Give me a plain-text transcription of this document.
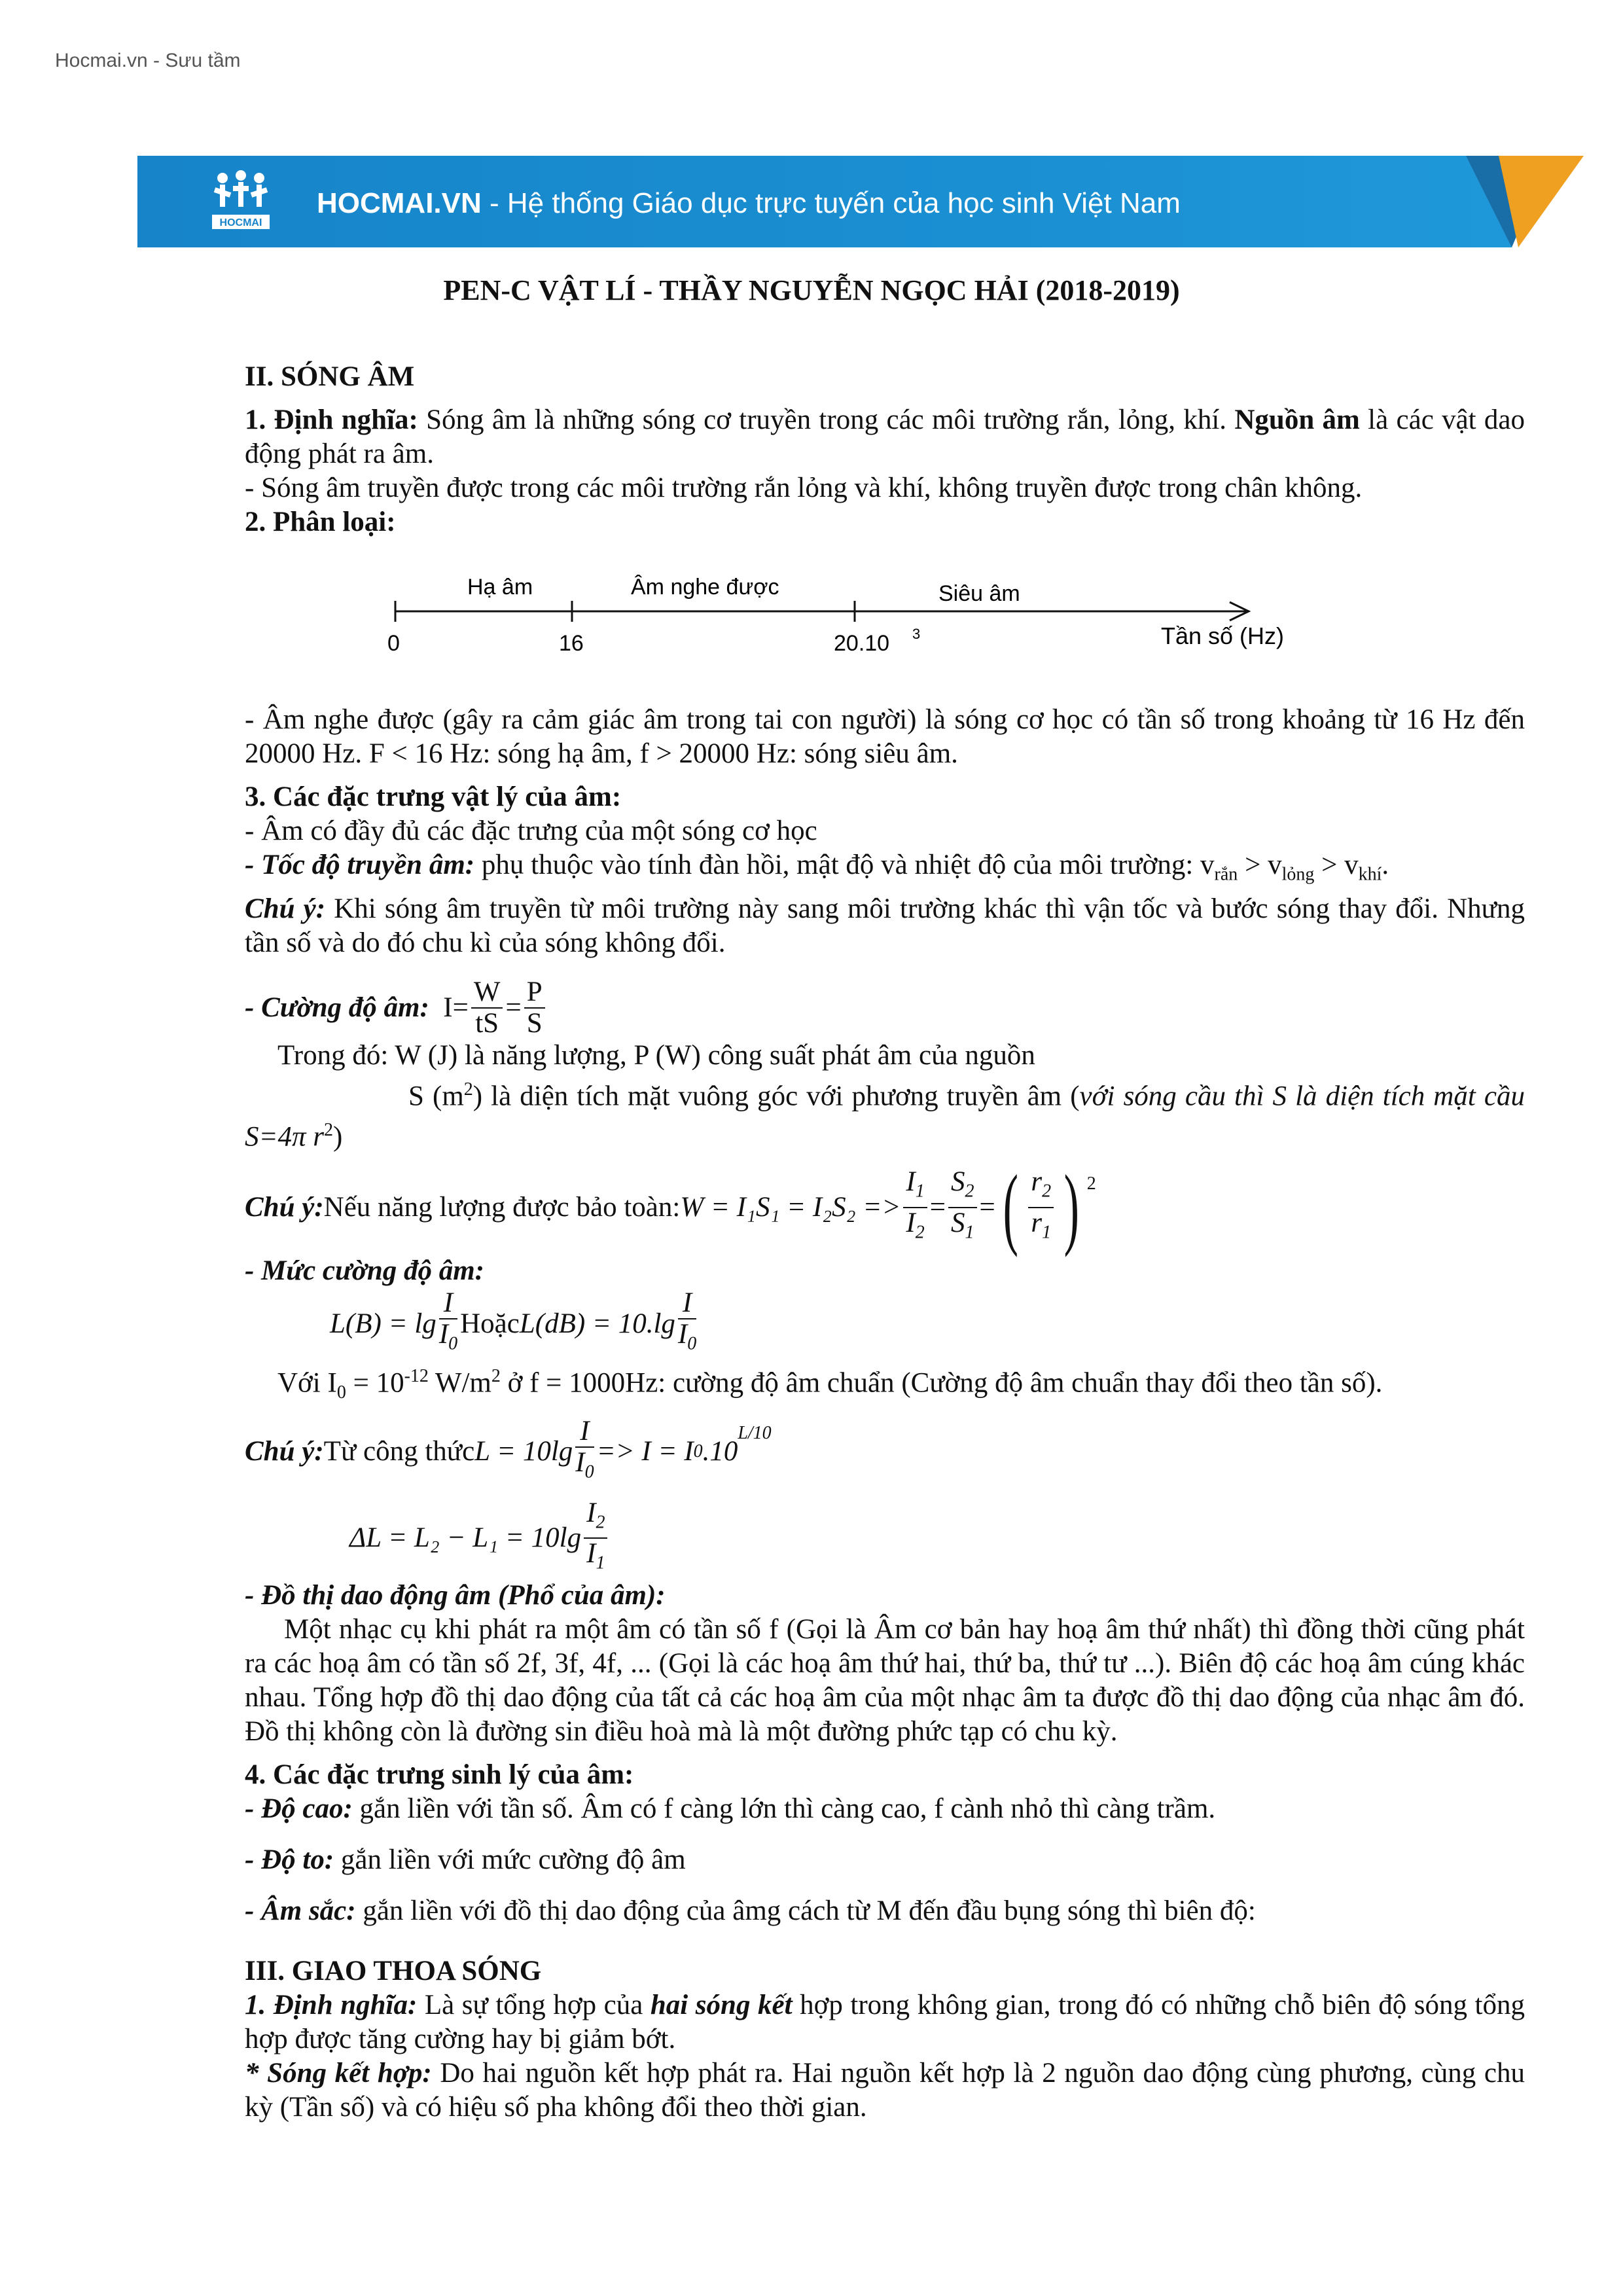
Hocmai.vn - Sưu tầm
HOCMAI
HOCMAI.VN - Hệ thống Giáo dục trực tuyến của học sinh Việt Nam
PEN-C VẬT LÍ - THẦY NGUYỄN NGỌC HẢI (2018-2019)

II. SÓNG ÂM

1. Định nghĩa: Sóng âm là những sóng cơ truyền trong các môi trường rắn, lỏng, khí. Nguồn âm là các vật dao động phát ra âm.

- Sóng âm truyền được trong các môi trường rắn lỏng và khí, không truyền được trong chân không.

2. Phân loại:

Hạ âm	Âm nghe được	Siêu âm
0	16	20.10 3	Tần số (Hz)

- Âm nghe được (gây ra cảm giác âm trong tai con người) là sóng cơ học có tần số trong khoảng từ 16 Hz đến 20000 Hz. F < 16 Hz: sóng hạ âm, f > 20000 Hz: sóng siêu âm.

3. Các đặc trưng vật lý của âm:

- Âm có đầy đủ các đặc trưng của một sóng cơ học

- Tốc độ truyền âm: phụ thuộc vào tính đàn hồi, mật độ và nhiệt độ của môi trường: $v_{rắn} > v_{lỏng} > v_{khí}$.

Chú ý: Khi sóng âm truyền từ môi trường này sang môi trường khác thì vận tốc và bước sóng thay đổi. Nhưng tần số và do đó chu kì của sóng không đổi.

- Cường độ âm:
$I= \frac{W}{tS} = \frac{P}{S}$

Trong đó: W (J) là năng lượng, P (W) công suất phát âm của nguồn

S $(m^2)$ là diện tích mặt vuông góc với phương truyền âm (với sóng cầu thì S là diện tích mặt cầu S=4π $r^2$)

Chú ý: Nếu năng lượng được bảo toàn: $W = I_1S_1 = I_2S_2 => \frac{I_1}{I_2} = \frac{S_2}{S_1}$ = ( $\frac{r_2}{r_1}$ ) $^2$

- Mức cường độ âm:

$L(B) = \lg \frac{I}{I_0}$ Hoặc $L(dB) = 10.\lg \frac{I}{I_0}$

Với $I_0 = 10^{-12}$ $W/m^2$ ở f = 1000Hz: cường độ âm chuẩn (Cường độ âm chuẩn thay đổi theo tần số).

Chú ý: Từ công thức $L = 10\lg \frac{I}{I_0} => I = I$ 0 .10
$^{L/10}$
$\Delta L = L_2 - L_1 = 10\lg \frac{I_2}{I_1}$

- Đồ thị dao động âm (Phổ của âm):

Một nhạc cụ khi phát ra một âm có tần số f (Gọi là Âm cơ bản hay hoạ âm thứ nhất) thì đồng thời cũng phát ra các hoạ âm có tần số 2f, 3f, 4f, ... (Gọi là các hoạ âm thứ hai, thứ ba, thứ tư ...). Biên độ các hoạ âm cúng khác nhau. Tổng hợp đồ thị dao động của tất cả các hoạ âm của một nhạc âm ta được đồ thị dao động của nhạc âm đó. Đồ thị không còn là đường sin điều hoà mà là một đường phức tạp có chu kỳ.

4. Các đặc trưng sinh lý của âm:

- Độ cao: gắn liền với tần số. Âm có f càng lớn thì càng cao, f cành nhỏ thì càng trầm.

- Độ to: gắn liền với mức cường độ âm

- Âm sắc: gắn liền với đồ thị dao động của âmg cách từ M đến đầu bụng sóng thì biên độ:

III. GIAO THOA SÓNG

1. Định nghĩa: Là sự tổng hợp của hai sóng kết hợp trong không gian, trong đó có những chỗ biên độ sóng tổng hợp được tăng cường hay bị giảm bớt.

* Sóng kết hợp: Do hai nguồn kết hợp phát ra. Hai nguồn kết hợp là 2 nguồn dao động cùng phương, cùng chu kỳ (Tần số) và có hiệu số pha không đổi theo thời gian.
